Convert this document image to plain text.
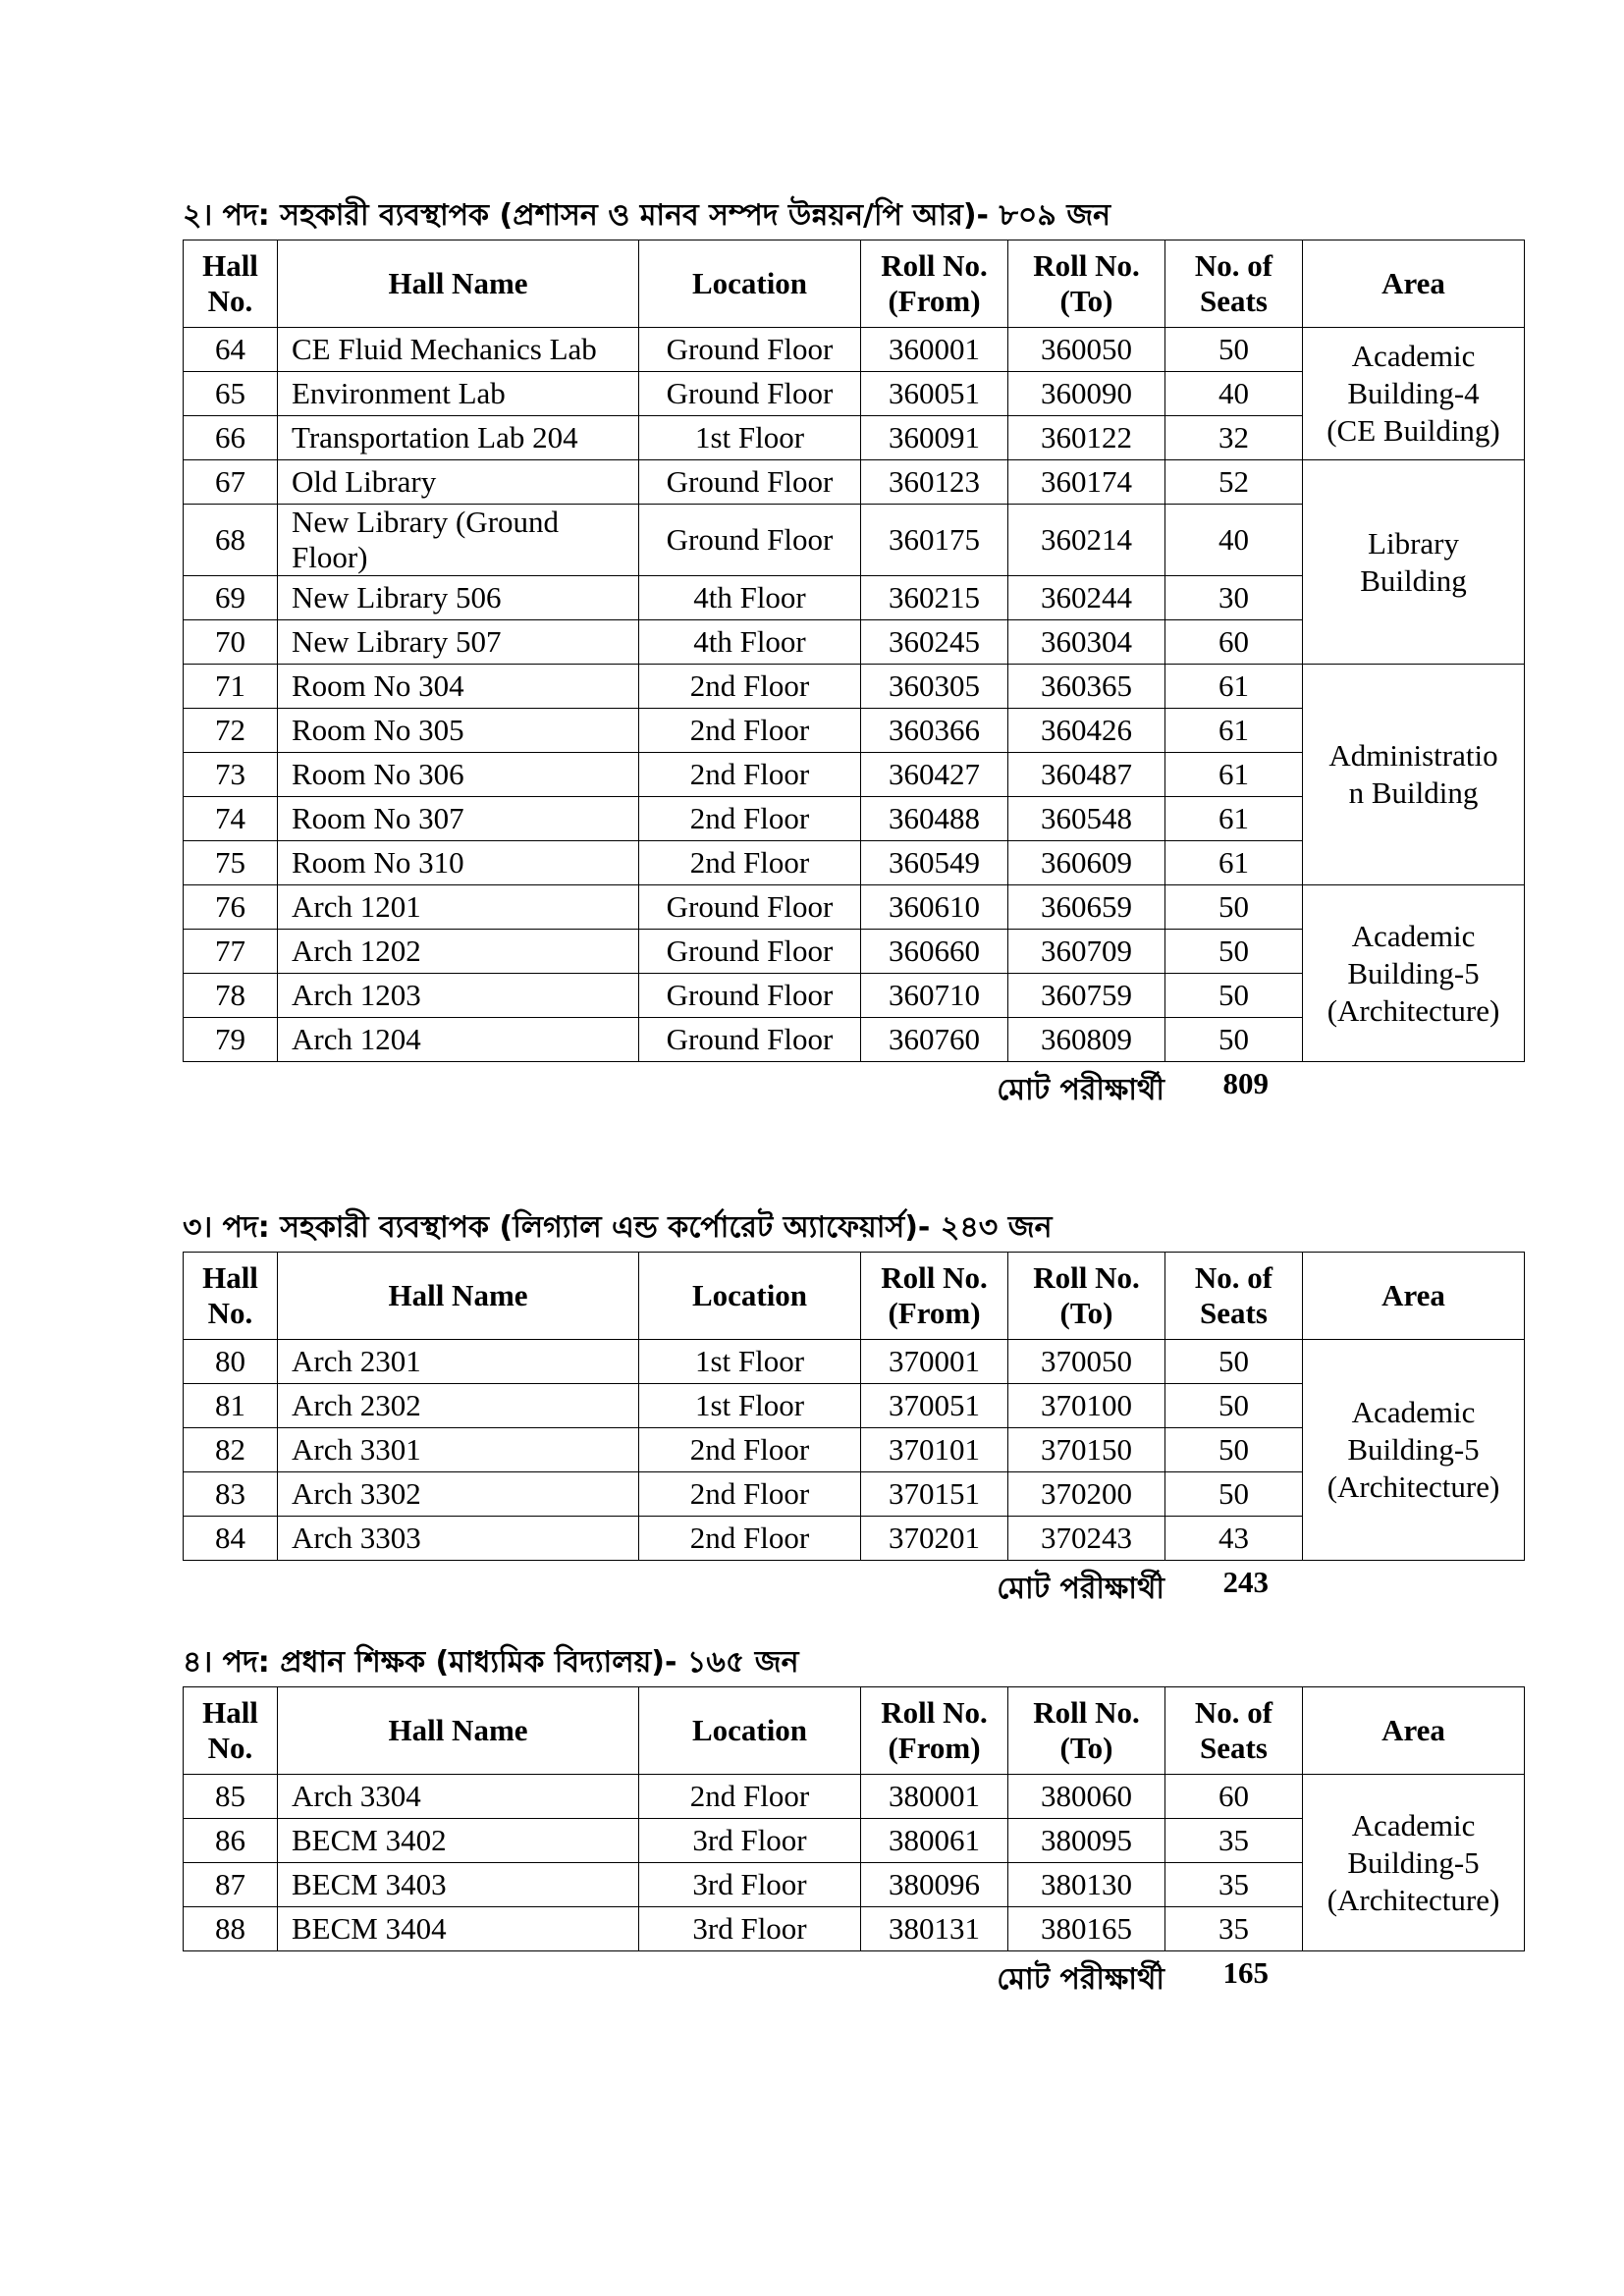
২। পদ: সহকারী ব্যবস্থাপক (প্রশাসন ও মানব সম্পদ উন্নয়ন/পি আর)- ৮০৯ জন
Hall No.	Hall Name	Location	Roll No. (From)	Roll No. (To)	No. of Seats	Area
64	CE Fluid Mechanics Lab	Ground Floor	360001	360050	50	Academic
Building-4
(CE Building)
65	Environment Lab	Ground Floor	360051	360090	40	
66	Transportation Lab 204	1st Floor	360091	360122	32	
67	Old Library	Ground Floor	360123	360174	52	Library
Building
68	New Library (Ground Floor)	Ground Floor	360175	360214	40	
69	New Library 506	4th Floor	360215	360244	30	
70	New Library 507	4th Floor	360245	360304	60	
71	Room No 304	2nd Floor	360305	360365	61	Administratio
n Building
72	Room No 305	2nd Floor	360366	360426	61	
73	Room No 306	2nd Floor	360427	360487	61	
74	Room No 307	2nd Floor	360488	360548	61	
75	Room No 310	2nd Floor	360549	360609	61	
76	Arch 1201	Ground Floor	360610	360659	50	Academic
Building-5
(Architecture)
77	Arch 1202	Ground Floor	360660	360709	50	
78	Arch 1203	Ground Floor	360710	360759	50	
79	Arch 1204	Ground Floor	360760	360809	50	
মোট পরীক্ষার্থী 809
৩। পদ: সহকারী ব্যবস্থাপক (লিগ্যাল এন্ড কর্পোরেট অ্যাফেয়ার্স)- ২৪৩ জন
Hall No.	Hall Name	Location	Roll No. (From)	Roll No. (To)	No. of Seats	Area
80	Arch 2301	1st Floor	370001	370050	50	Academic
Building-5
(Architecture)
81	Arch 2302	1st Floor	370051	370100	50	
82	Arch 3301	2nd Floor	370101	370150	50	
83	Arch 3302	2nd Floor	370151	370200	50	
84	Arch 3303	2nd Floor	370201	370243	43	
মোট পরীক্ষার্থী 243
৪। পদ: প্রধান শিক্ষক (মাধ্যমিক বিদ্যালয়)- ১৬৫ জন
Hall No.	Hall Name	Location	Roll No. (From)	Roll No. (To)	No. of Seats	Area
85	Arch 3304	2nd Floor	380001	380060	60	Academic
Building-5
(Architecture)
86	BECM 3402	3rd Floor	380061	380095	35	
87	BECM 3403	3rd Floor	380096	380130	35	
88	BECM 3404	3rd Floor	380131	380165	35	
মোট পরীক্ষার্থী 165
